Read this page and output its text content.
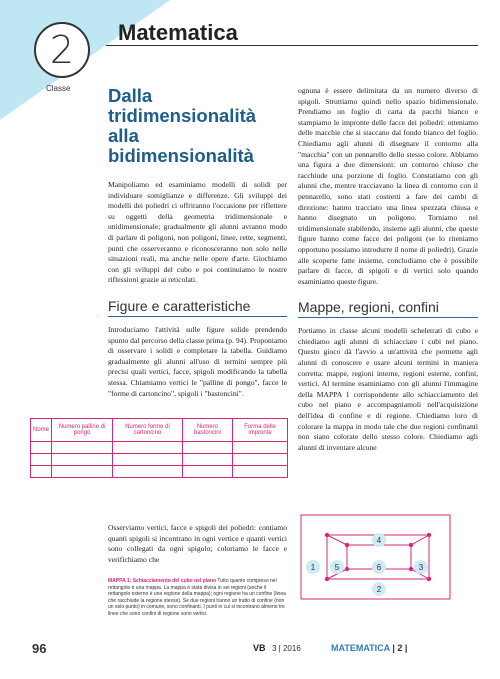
2
Classe
Matematica
Dalla tridimensionalità alla bidimensionalità

Manipoliamo ed esaminiamo modelli di solidi per individuare somiglianze e differenze. Gli sviluppi dei modelli dei poliedri ci offriranno l'occasione per riflettere su oggetti della geometria tridimensionale e unidimensionale; gradualmente gli alunni avranno modo di parlare di poligoni, non poligoni, linee, rette, segmenti, punti che osserveranno e riconosceranno non solo nelle situazioni reali, ma anche nelle opere d'arte. Giochiamo con gli sviluppi del cubo e poi continuiamo le nostre riflessioni grazie ai reticolati.

Figure e caratteristiche

Introduciamo l'attività sulle figure solide prendendo spunto dal percorso della classe prima (p. 94). Proponiamo di osservare i solidi e completare la tabella. Guidiamo gradualmente gli alunni all'uso di termini sempre più precisi quali vertici, facce, spigoli modificando la tabella stessa. Chiamiamo vertici le "palline di pongo", facce le "forme di cartoncino", spigoli i "bastoncini".

Nome	Numero palline di pongo	Numero forme di cartoncino	Numero bastoncini	Forma delle impronte

Osserviamo vertici, facce e spigoli dei poliedri: contiamo quanti spigoli si incontrano in ogni vertice e quanti vertici sono collegati da ogni spigolo; coloriamo le facce e verifichiamo che

MAPPA 1: Schiacciamento del cubo nel piano Tutto quanto compreso nel rettangolo è una mappa. La mappa è stata divisa in sei regioni (anche il rettangolo esterno è una regione della mappa); ogni regione ha un confine (linea che racchiude la regione stessa). Se due regioni hanno un tratto di confine (non un solo punto) in comune, sono confinanti. I punti in cui si incontrano almeno tre linee che sono confini di regione sono vertici.

ognuna è essere delimitata da un numero diverso di spigoli. Struttiamo quindi nello spazio bidimensionale. Prendiamo un foglio di carta da pacchi bianco e stampiamo le impronte delle facce dei poliedri: otteniamo delle macchie che si staccano dal fondo bianco del foglio. Chiediamo agli alunni di disegnare il contorno alla "macchia" con un pennarello dello stesso colore. Abbiamo una figura a due dimensioni: un contorno chiuso che racchiude una porzione di foglio. Constatiamo con gli alunni che, mentre tracciavano la linea di contorno con il pennarello, sono stati costretti a fare dei cambi di direzione: hanno tracciato una linea spezzata chiusa e hanno disegnato un poligono. Torniamo nel tridimensionale stabilendo, insieme agli alunni, che queste figure hanno come facce dei poligoni (se lo riteniamo opportuno possiamo introdurre il nome di poliedri). Grazie alle scoperte fatte insieme, concludiamo che è possibile parlare di facce, di spigoli e di vertici solo quando esaminiamo queste figure.

Mappe, regioni, confini

Portiamo in classe alcuni modelli scheletrati di cubo e chiediamo agli alunni di schiacciare i cubi nel piano. Questo gioco dà l'avvio a un'attività che permette agli alunni di conoscere e usare alcuni termini in maniera corretta: mappe, regioni interne, regioni esterne, confini, vertici. Al termine esaminiamo con gli alunni l'immagine della MAPPA 1 corrispondente allo schiacciamento del cubo nel piano e accompagniamoli nell'acquisizione dell'idea di confine e di regione. Chiediamo loro di colorare la mappa in modo tale che due regioni confinanti non siano colorate dello stesso colore. Chiediamo agli alunni di inventare alcune

1
2
3
4
5	6
96	VB 3 | 2016	MATEMATICA | 2 |
